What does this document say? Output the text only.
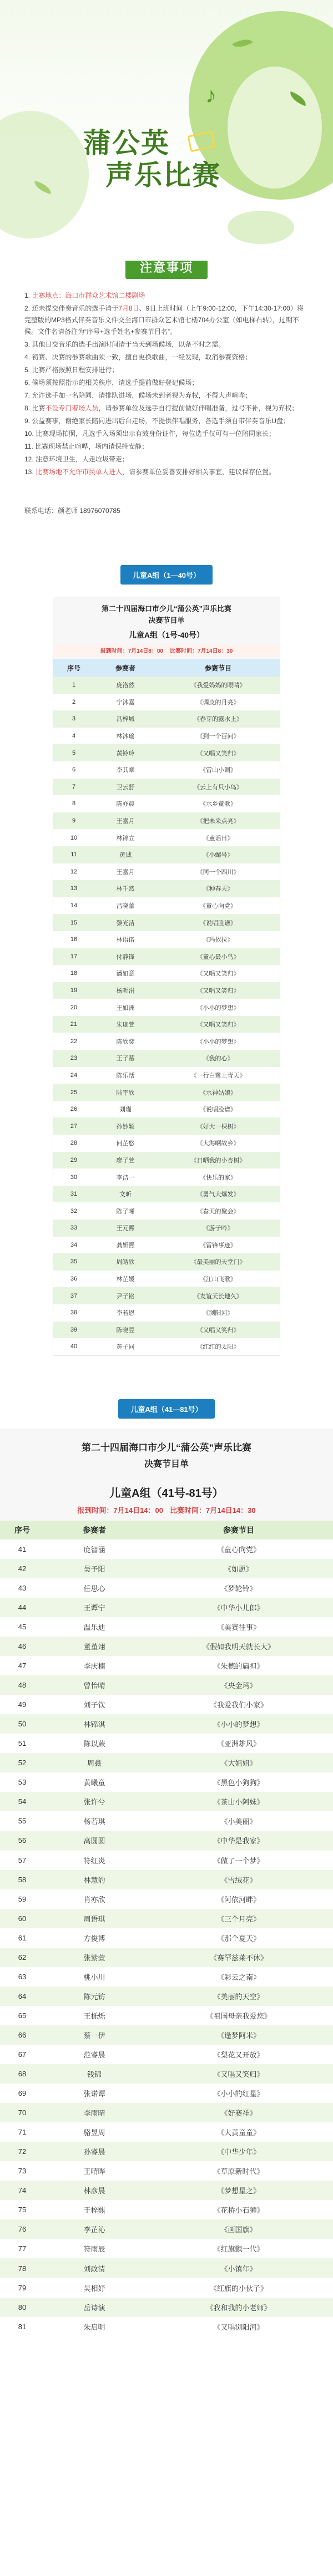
♪
蒲公英
声乐比赛
注意事项

1. 比赛地点：海口市群众艺术馆二楼剧场

2. 还未提交伴奏音乐的选手请于7月8日、9日上班时间（上午9:00-12:00，下午14:30-17:00）将完整版的MP3格式伴奏音乐文件交至海口市群众艺术馆七楼704办公室（如电梯右转），过期不候。文件名请备注为“序号+选手姓名+参赛节目名”。

3. 其他日交音乐的选手出演时间请于当天到场候场，以备不时之需。

4. 初赛、决赛的参赛歌曲须一致，擅自更换歌曲，一经发现，取消参赛资格；

5. 比赛严格按照日程安排进行；

6. 候场须按照指示的相关秩序，请选手提前做好登记候场；

7. 允许选手加一名陪同，请排队进场，候场未到者视为弃权，不得大声喧哗；

8. 比赛不设专门着场人员，请参赛单位及选手自行提前做好伴唱准备，过号不补，视为弃权；

9. 公益赛事，谢绝家长陪同进出后台走场，不提供伴唱服务，各选手须自带伴奏音乐U盘；

10. 比赛现场拍照，凡选手入场须出示有效身份证件，每位选手仅可有一位陪同家长；

11. 比赛现场禁止喧哗，场内请保持安静；

12. 注意环境卫生，人走垃圾带走；

13. 比赛场地不允许市民单人进入，请参赛单位妥善安排好相关事宜，建议保存位置。

联系电话：颜老师 18976070785
儿童A组（1—40号）
第二十四届海口市少儿“蒲公英”声乐比赛
决赛节目单
儿童A组（1号-40号）
报到时间：7月14日8：00 比赛时间：7月14日8：30
序号	参赛者	参赛节目
1	庞洛然	《我爱妈妈的眼睛》
2	宁沐嘉	《调皮的月亮》
3	冯梓城	《春芽的露水上》
4	林沐瑜	《到一个百问》
5	黄铃玲	《又唱又笑归》
6	李其章	《雷山小调》
7	卫云舒	《云上有只小鸟》
8	陈亦晨	《水乡童歌》
9	王嘉月	《把未来点亮》
10	林锦立	《童谣日》
11	黄诚	《小螺号》
12	王嘉月	《同一个四川》
13	林千然	《种春天》
14	吕晓蕾	《童心向党》
15	黎光洁	《说唱脸谱》
16	林语诺	《玛依拉》
17	付静锋	《童心最小鸟》
18	潘如意	《又唱又笑归》
19	杨昕涓	《又唱又笑归》
20	王如洲	《小小的梦想》
21	朱珈萱	《又唱又笑归》
22	陈欣奕	《小小的梦想》
23	王子慕	《我的心》
24	陈乐恬	《一行白鹭上青天》
25	陆宇欣	《水神姑娘》
26	刘瑾	《说唱脸谱》
27	孙妙颖	《好大一棵树》
28	何芷悠	《大海啊故乡》
29	廖子萱	《日晒我的小杏树》
30	李洁一	《快乐的家》
31	文昕	《勇气大爆发》
32	陈子晞	《春天的聚会》
33	王元熙	《游子吟》
34	龚妍熙	《雷锋事迹》
35	周皓欣	《最美丽的天堂门》
36	林芷媛	《江山飞歌》
37	尹子铭	《友谊天长地久》
38	李若恩	《浏阳河》
39	陈晓昱	《又唱又笑归》
40	黄子同	《红红的太阳》
儿童A组（41—81号）
第二十四届海口市少儿“蒲公英”声乐比赛
决赛节目单
儿童A组（41号-81号）
报到时间：7月14日14：00 比赛时间：7月14日14：30
序号	参赛者	参赛节目
41	庞智涵	《童心向党》
42	吴予阳	《如愿》
43	任思心	《梦轮铃》
44	王谭宁	《中华小儿郎》
45	温乐迪	《美赛往事》
46	董堇翊	《假如我明天就长大》
47	李庆楠	《朱德的扁担》
48	曾怡晴	《央金玛》
49	刘子钦	《我爱我们小家》
50	林锦淇	《小小的梦想》
51	陈以蕨	《亚洲雄风》
52	周鑫	《大姐姐》
53	黄曦童	《黑色小狗狗》
54	张许兮	《茶山小阿妹》
55	杨若琪	《小美丽》
56	高圆圆	《中华是我家》
57	符红炎	《做了一个梦》
58	林慧豹	《雪绒花》
59	肖亦欣	《阿依河畔》
60	周语琪	《三个月亮》
61	方俊博	《那个夏天》
62	张紫萱	《赛罕兹莱不休》
63	桃小川	《彩云之南》
64	陈元钫	《美丽的天空》
65	王栎烁	《祖国母亲我爱您》
66	蔡一伊	《逢梦阿米》
67	范睿晨	《梨花又开放》
68	钱锦	《又唱又笑归》
69	张诺谭	《小小的红星》
70	李雨晴	《好赛祥》
71	骆昱周	《大黄童童》
72	孙睿晨	《中华少年》
73	王晴晔	《草原新时代》
74	林彦晨	《梦想星之》
75	于梓熙	《花桥小石狮》
76	李芷沁	《画国旗》
77	符雨辰	《红旗飘一代》
78	刘政清	《小镇年》
79	吴相妤	《红旗的小伙子》
80	岳诗演	《我和我的小老师》
81	朱启明	《又唱浏阳河》
